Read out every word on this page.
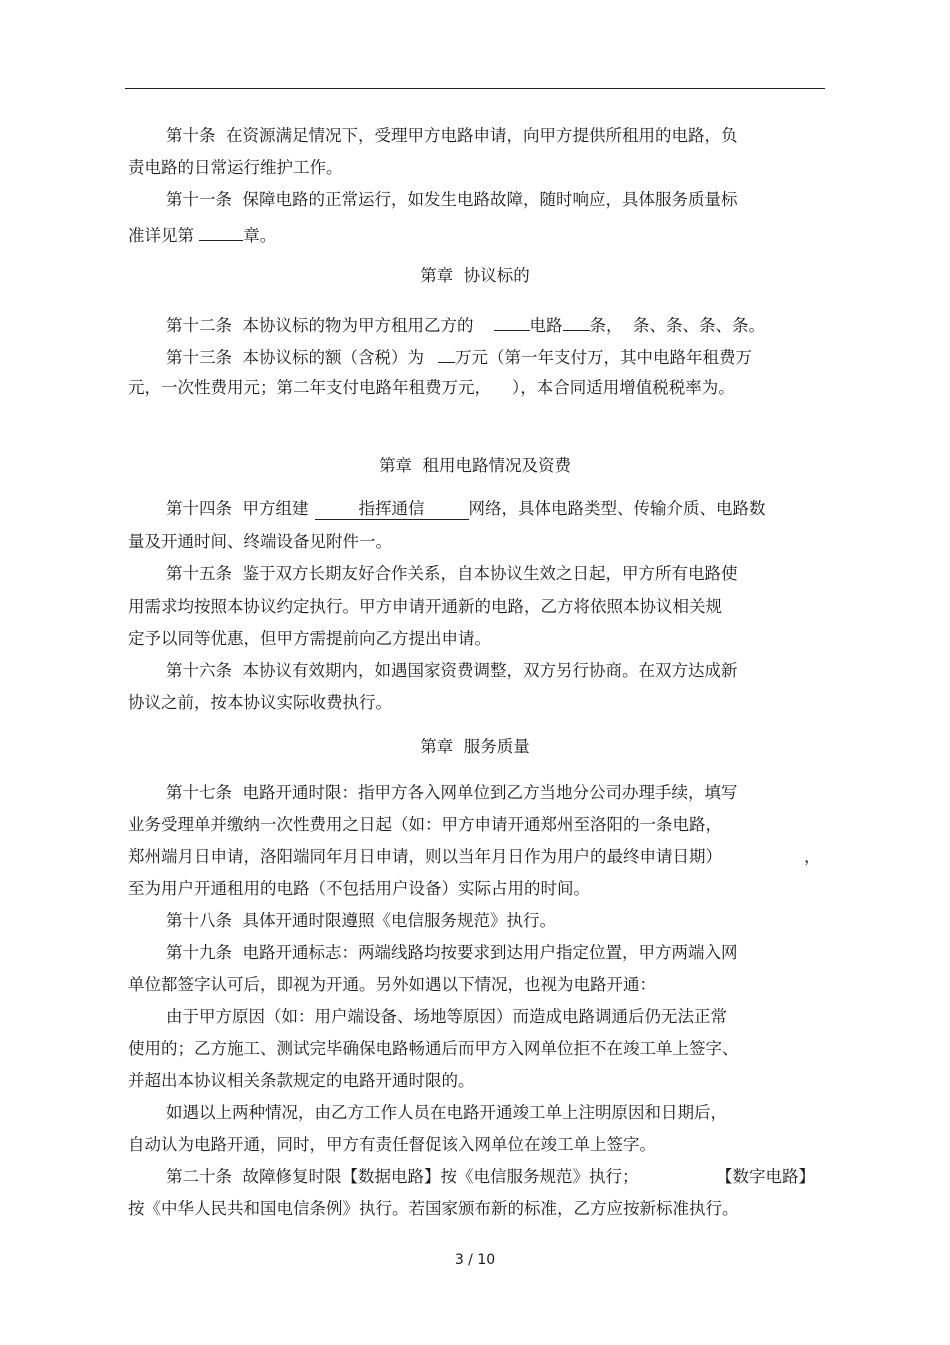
第十条  在资源满足情况下，受理甲方电路申请，向甲方提供所租用的电路，负
责电路的日常运行维护工作。
第十一条  保障电路的正常运行，如发生电路故障，随时响应，具体服务质量标
准详见第	章。
第章  协议标的
第十二条  本协议标的物为甲方租用乙方的	电路 条，  条、条、条、条。
第十三条  本协议标的额（含税）为 万元（第一年支付万，其中电路年租费万
元，一次性费用元；第二年支付电路年租费万元，    ），本合同适用增值税税率为。
第章  租用电路情况及资费
第十四条  甲方组建	指挥通信	网络，具体电路类型、传输介质、电路数
量及开通时间、终端设备见附件一。
第十五条  鉴于双方长期友好合作关系，自本协议生效之日起，甲方所有电路使
用需求均按照本协议约定执行。甲方申请开通新的电路，乙方将依照本协议相关规
定予以同等优惠，但甲方需提前向乙方提出申请。
第十六条  本协议有效期内，如遇国家资费调整，双方另行协商。在双方达成新
协议之前，按本协议实际收费执行。
第章  服务质量
第十七条  电路开通时限：指甲方各入网单位到乙方当地分公司办理手续，填写
业务受理单并缴纳一次性费用之日起（如：甲方申请开通郑州至洛阳的一条电路，
郑州端月日申请，洛阳端同年月日申请，则以当年月日作为用户的最终申请日期）	，
至为用户开通租用的电路（不包括用户设备）实际占用的时间。
第十八条  具体开通时限遵照《电信服务规范》执行。
第十九条  电路开通标志：两端线路均按要求到达用户指定位置，甲方两端入网
单位都签字认可后，即视为开通。另外如遇以下情况，也视为电路开通：
由于甲方原因（如：用户端设备、场地等原因）而造成电路调通后仍无法正常
使用的；乙方施工、测试完毕确保电路畅通后而甲方入网单位拒不在竣工单上签字、
并超出本协议相关条款规定的电路开通时限的。
如遇以上两种情况，由乙方工作人员在电路开通竣工单上注明原因和日期后，
自动认为电路开通，同时，甲方有责任督促该入网单位在竣工单上签字。
第二十条  故障修复时限【数据电路】按《电信服务规范》执行；	【数字电路】
按《中华人民共和国电信条例》执行。若国家颁布新的标准，乙方应按新标准执行。
3 / 10
